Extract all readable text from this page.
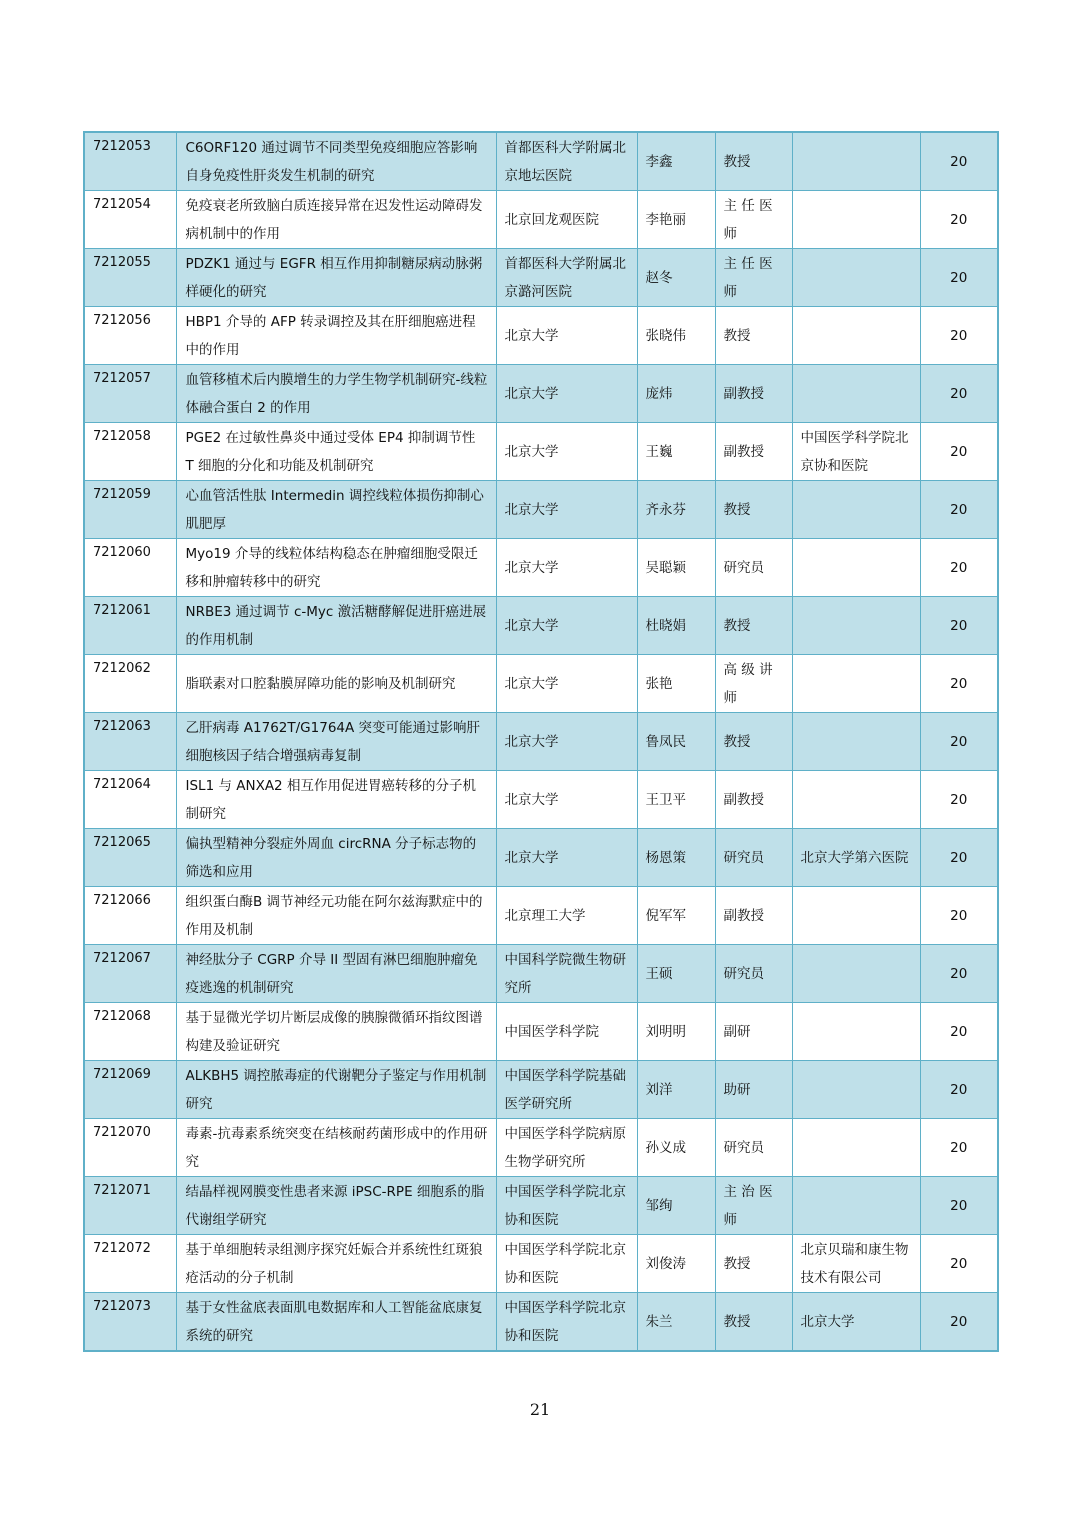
7212053	C6ORF120 通过调节不同类型免疫细胞应答影响自身免疫性肝炎发生机制的研究	首都医科大学附属北京地坛医院	李鑫	教授		20
7212054	免疫衰老所致脑白质连接异常在迟发性运动障碍发病机制中的作用	北京回龙观医院	李艳丽	主 任 医 师		20
7212055	PDZK1 通过与 EGFR 相互作用抑制糖尿病动脉粥样硬化的研究	首都医科大学附属北京潞河医院	赵冬	主 任 医 师		20
7212056	HBP1 介导的 AFP 转录调控及其在肝细胞癌进程中的作用	北京大学	张晓伟	教授		20
7212057	血管移植术后内膜增生的力学生物学机制研究-线粒体融合蛋白 2 的作用	北京大学	庞炜	副教授		20
7212058	PGE2 在过敏性鼻炎中通过受体 EP4 抑制调节性 T 细胞的分化和功能及机制研究	北京大学	王巍	副教授	中国医学科学院北京协和医院	20
7212059	心血管活性肽 Intermedin 调控线粒体损伤抑制心肌肥厚	北京大学	齐永芬	教授		20
7212060	Myo19 介导的线粒体结构稳态在肿瘤细胞受限迁移和肿瘤转移中的研究	北京大学	吴聪颖	研究员		20
7212061	NRBE3 通过调节 c-Myc 激活糖酵解促进肝癌进展的作用机制	北京大学	杜晓娟	教授		20
7212062	脂联素对口腔黏膜屏障功能的影响及机制研究	北京大学	张艳	高 级 讲 师		20
7212063	乙肝病毒 A1762T/G1764A 突变可能通过影响肝细胞核因子结合增强病毒复制	北京大学	鲁凤民	教授		20
7212064	ISL1 与 ANXA2 相互作用促进胃癌转移的分子机制研究	北京大学	王卫平	副教授		20
7212065	偏执型精神分裂症外周血 circRNA 分子标志物的筛选和应用	北京大学	杨恩策	研究员	北京大学第六医院	20
7212066	组织蛋白酶B 调节神经元功能在阿尔兹海默症中的作用及机制	北京理工大学	倪军军	副教授		20
7212067	神经肽分子 CGRP 介导 II 型固有淋巴细胞肿瘤免疫逃逸的机制研究	中国科学院微生物研究所	王硕	研究员		20
7212068	基于显微光学切片断层成像的胰腺微循环指纹图谱构建及验证研究	中国医学科学院	刘明明	副研		20
7212069	ALKBH5 调控脓毒症的代谢靶分子鉴定与作用机制研究	中国医学科学院基础医学研究所	刘洋	助研		20
7212070	毒素-抗毒素系统突变在结核耐药菌形成中的作用研究	中国医学科学院病原生物学研究所	孙义成	研究员		20
7212071	结晶样视网膜变性患者来源 iPSC-RPE 细胞系的脂代谢组学研究	中国医学科学院北京协和医院	邹绚	主 治 医 师		20
7212072	基于单细胞转录组测序探究妊娠合并系统性红斑狼疮活动的分子机制	中国医学科学院北京协和医院	刘俊涛	教授	北京贝瑞和康生物技术有限公司	20
7212073	基于女性盆底表面肌电数据库和人工智能盆底康复系统的研究	中国医学科学院北京协和医院	朱兰	教授	北京大学	20
21
